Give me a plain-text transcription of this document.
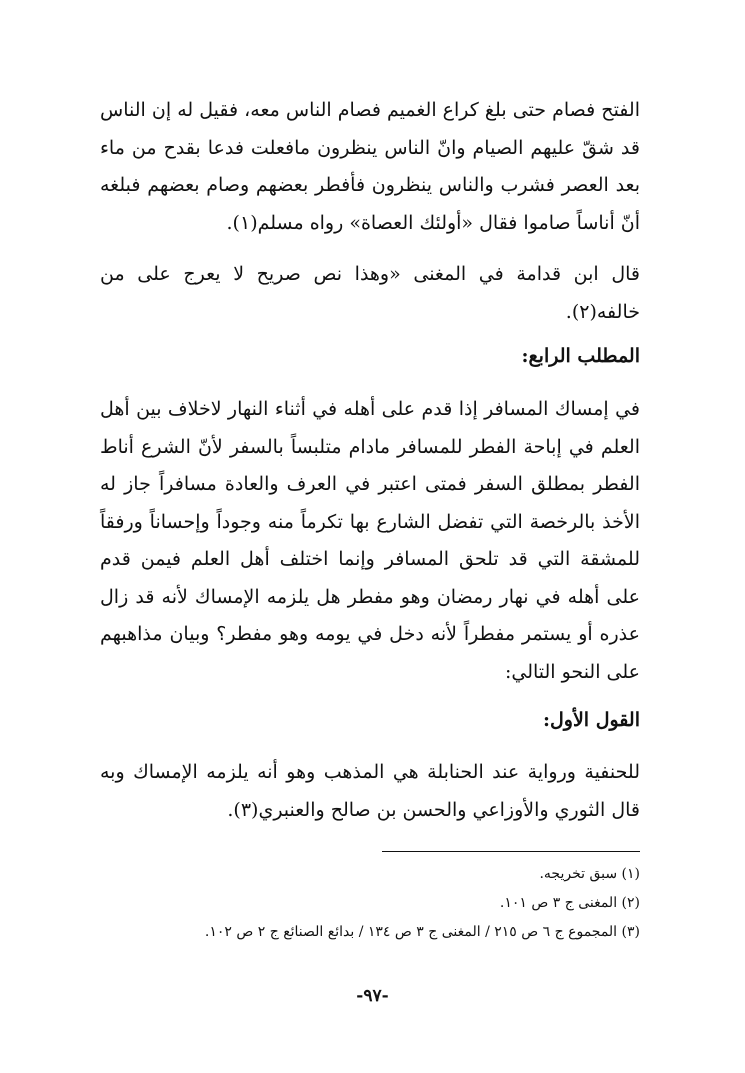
الفتح فصام حتى بلغ كراع الغميم فصام الناس معه، فقيل له إن الناس قد شقّ عليهم الصيام وانّ الناس ينظرون مافعلت فدعا بقدح من ماء بعد العصر فشرب والناس ينظرون فأفطر بعضهم وصام بعضهم فبلغه أنّ أناساً صاموا فقال «أولئك العصاة» رواه مسلم(١).
قال ابن قدامة في المغنى «وهذا نص صريح لا يعرج على من خالفه(٢).
المطلب الرابع:
في إمساك المسافر إذا قدم على أهله في أثناء النهار لاخلاف بين أهل العلم في إباحة الفطر للمسافر مادام متلبساً بالسفر لأنّ الشرع أناط الفطر بمطلق السفر فمتى اعتبر في العرف والعادة مسافراً جاز له الأخذ بالرخصة التي تفضل الشارع بها تكرماً منه وجوداً وإحساناً ورفقاً للمشقة التي قد تلحق المسافر وإنما اختلف أهل العلم فيمن قدم على أهله في نهار رمضان وهو مفطر هل يلزمه الإمساك لأنه قد زال عذره أو يستمر مفطراً لأنه دخل في يومه وهو مفطر؟ وبيان مذاهبهم على النحو التالي:
القول الأول:
للحنفية ورواية عند الحنابلة هي المذهب وهو أنه يلزمه الإمساك وبه قال الثوري والأوزاعي والحسن بن صالح والعنبري(٣).
(١) سبق تخريجه.
(٢) المغنى ج ٣ ص ١٠١.
(٣) المجموع ج ٦ ص ٢١٥ / المغنى ج ٣ ص ١٣٤ / بدائع الصنائع ج ٢ ص ١٠٢.
-٩٧-
